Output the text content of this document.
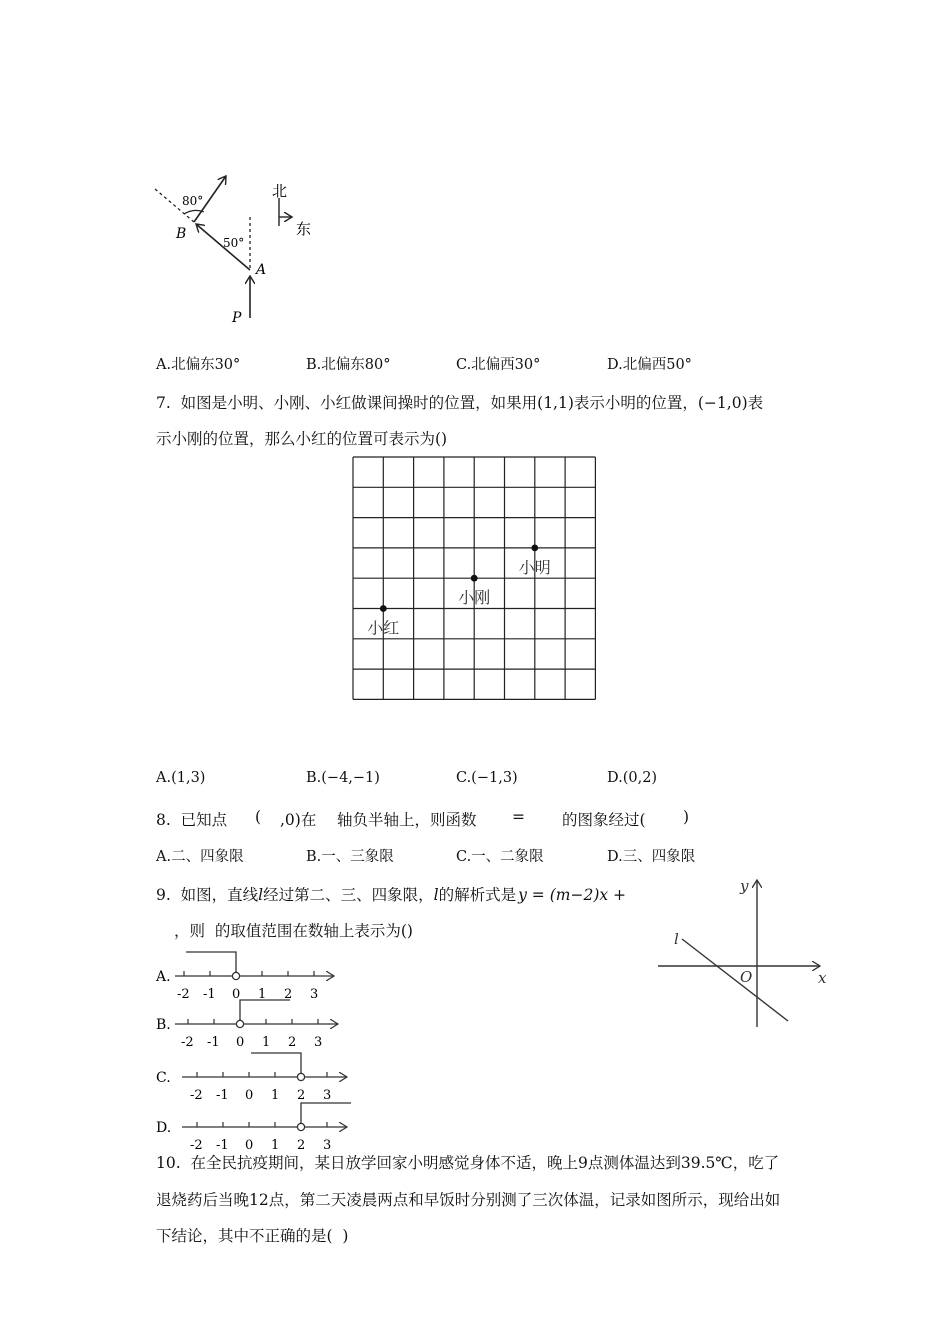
80°
50°
B
A
P
北
东
A.北偏东30°	B.北偏东80°	C.北偏西30°	D.北偏西50°
7.  如图是小明、小刚、小红做课间操时的位置，如果用(1,1)表示小明的位置，(−1,0)表
示小刚的位置，那么小红的位置可表示为()
小明
小刚
小红
A.(1,3)	B.(−4,−1)	C.(−1,3)	D.(0,2)
8.  已知点 ( ,0)在 轴负半轴上，则函数 = 的图象经过( )
A.二、四象限	B.一、三象限	C.一、二象限	D.三、四象限
9.  如图，直线l经过第二、三、四象限，l的解析式是 y = (m−2)x +
，则  的取值范围在数轴上表示为()
x
y
O
l
A.
-2 -1 0 1 2 3
B.
-2 -1 0 1 2 3
C.
-2 -1 0 1 2 3
D.
-2 -1 0 1 2 3
10.  在全民抗疫期间，某日放学回家小明感觉身体不适，晚上9点测体温达到39.5℃，吃了
退烧药后当晚12点，第二天凌晨两点和早饭时分别测了三次体温，记录如图所示，现给出如
下结论，其中不正确的是(  )
